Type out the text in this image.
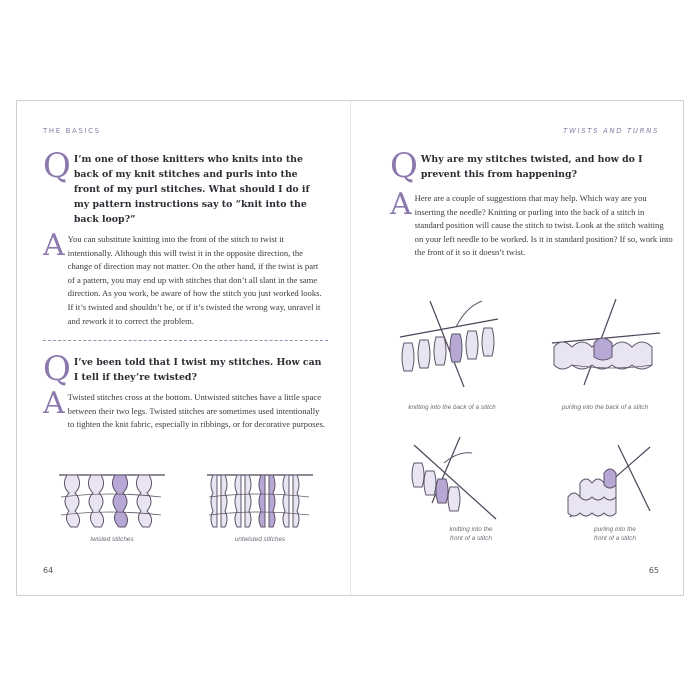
THE BASICS
Q I’m one of those knitters who knits into the back of my knit stitches and purls into the front of my purl stitches. What should I do if my pattern instructions say to “knit into the back loop?”
A You can substitute knitting into the front of the stitch to twist it intentionally. Although this will twist it in the opposite direction, the change of direction may not matter. On the other hand, if the twist is part of a pattern, you may end up with stitches that don’t all slant in the same direction. As you work, be aware of how the stitch you just worked looks. If it’s twisted and shouldn’t be, or if it’s twisted the wrong way, unravel it and rework it to correct the problem.
Q I’ve been told that I twist my stitches. How can I tell if they’re twisted?
A Twisted stitches cross at the bottom. Untwisted stitches have a little space between their two legs. Twisted stitches are sometimes used intentionally to tighten the knit fabric, especially in ribbings, or for decorative purposes.
twisted stitches	untwisted stitches
64
TWISTS AND TURNS
Q Why are my stitches twisted, and how do I prevent this from happening?
A Here are a couple of suggestions that may help. Which way are you inserting the needle? Knitting or purling into the back of a stitch in standard position will cause the stitch to twist. Look at the stitch waiting on your left needle to be worked. Is it in standard position? If so, work into the front of it so it doesn’t twist.
knitting into the back of a stitch	purling into the back of a stitch
knitting into the
front of a stitch
purling into the
front of a stitch
65
